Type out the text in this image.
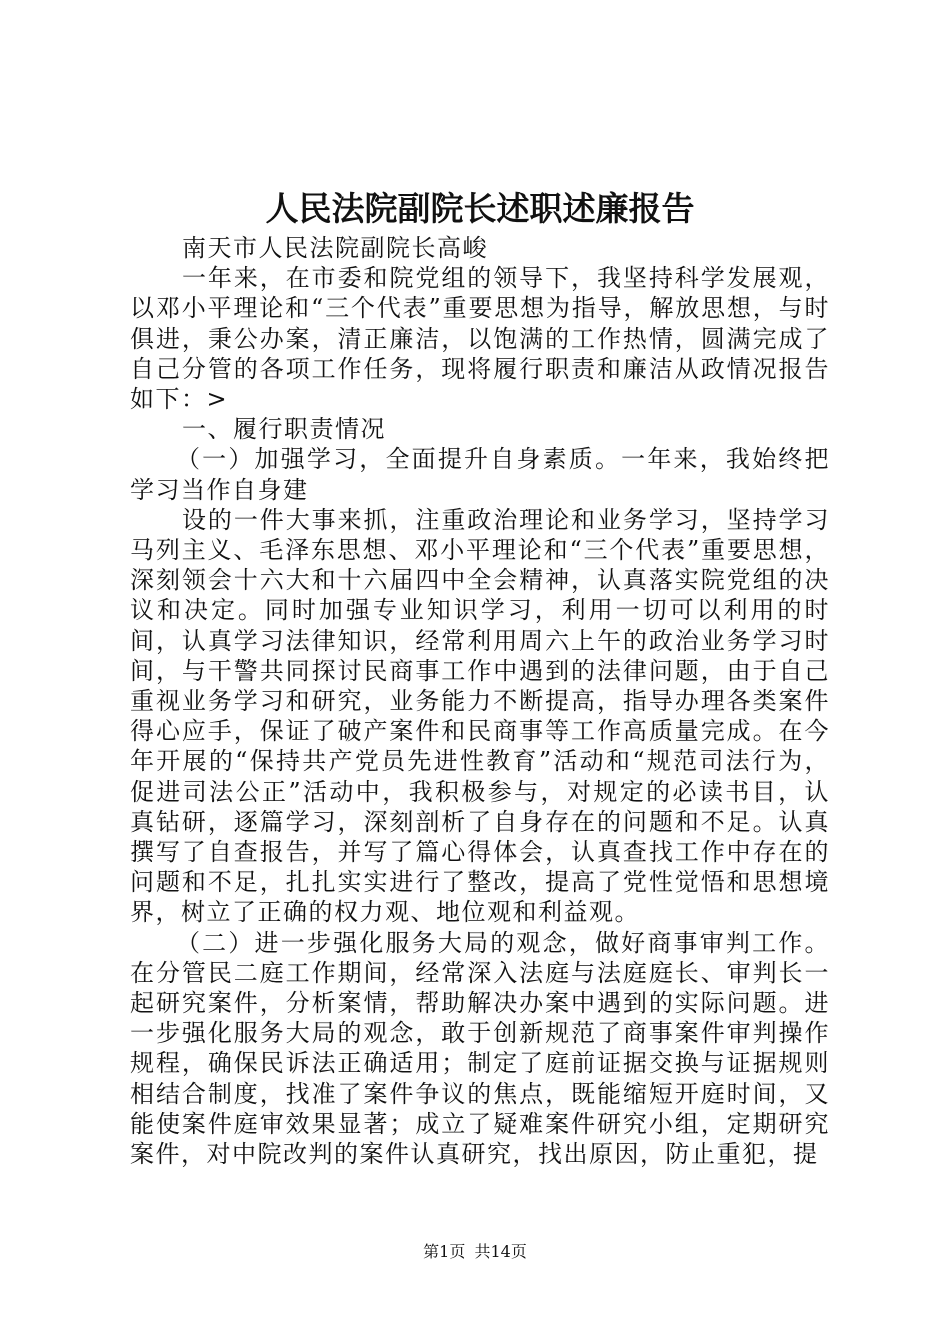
人民法院副院长述职述廉报告

南天市人民法院副院长高峻

一年来，在市委和院党组的领导下，我坚持科学发展观，以邓小平理论和“三个代表”重要思想为指导，解放思想，与时俱进，秉公办案，清正廉洁，以饱满的工作热情，圆满完成了自己分管的各项工作任务，现将履行职责和廉洁从政情况报告如下：>

一、履行职责情况

（一）加强学习，全面提升自身素质。一年来，我始终把学习当作自身建

设的一件大事来抓，注重政治理论和业务学习，坚持学习马列主义、毛泽东思想、邓小平理论和“三个代表”重要思想，深刻领会十六大和十六届四中全会精神，认真落实院党组的决议和决定。同时加强专业知识学习，利用一切可以利用的时间，认真学习法律知识，经常利用周六上午的政治业务学习时间，与干警共同探讨民商事工作中遇到的法律问题，由于自己重视业务学习和研究，业务能力不断提高，指导办理各类案件得心应手，保证了破产案件和民商事等工作高质量完成。在今年开展的“保持共产党员先进性教育”活动和“规范司法行为，促进司法公正”活动中，我积极参与，对规定的必读书目，认真钻研，逐篇学习，深刻剖析了自身存在的问题和不足。认真撰写了自查报告，并写了篇心得体会，认真查找工作中存在的问题和不足，扎扎实实进行了整改，提高了党性觉悟和思想境界，树立了正确的权力观、地位观和利益观。

（二）进一步强化服务大局的观念，做好商事审判工作。在分管民二庭工作期间，经常深入法庭与法庭庭长、审判长一起研究案件，分析案情，帮助解决办案中遇到的实际问题。进一步强化服务大局的观念，敢于创新规范了商事案件审判操作规程，确保民诉法正确适用；制定了庭前证据交换与证据规则相结合制度，找准了案件争议的焦点，既能缩短开庭时间，又能使案件庭审效果显著；成立了疑难案件研究小组，定期研究案件，对中院改判的案件认真研究，找出原因，防止重犯，提

第1页 共14页
